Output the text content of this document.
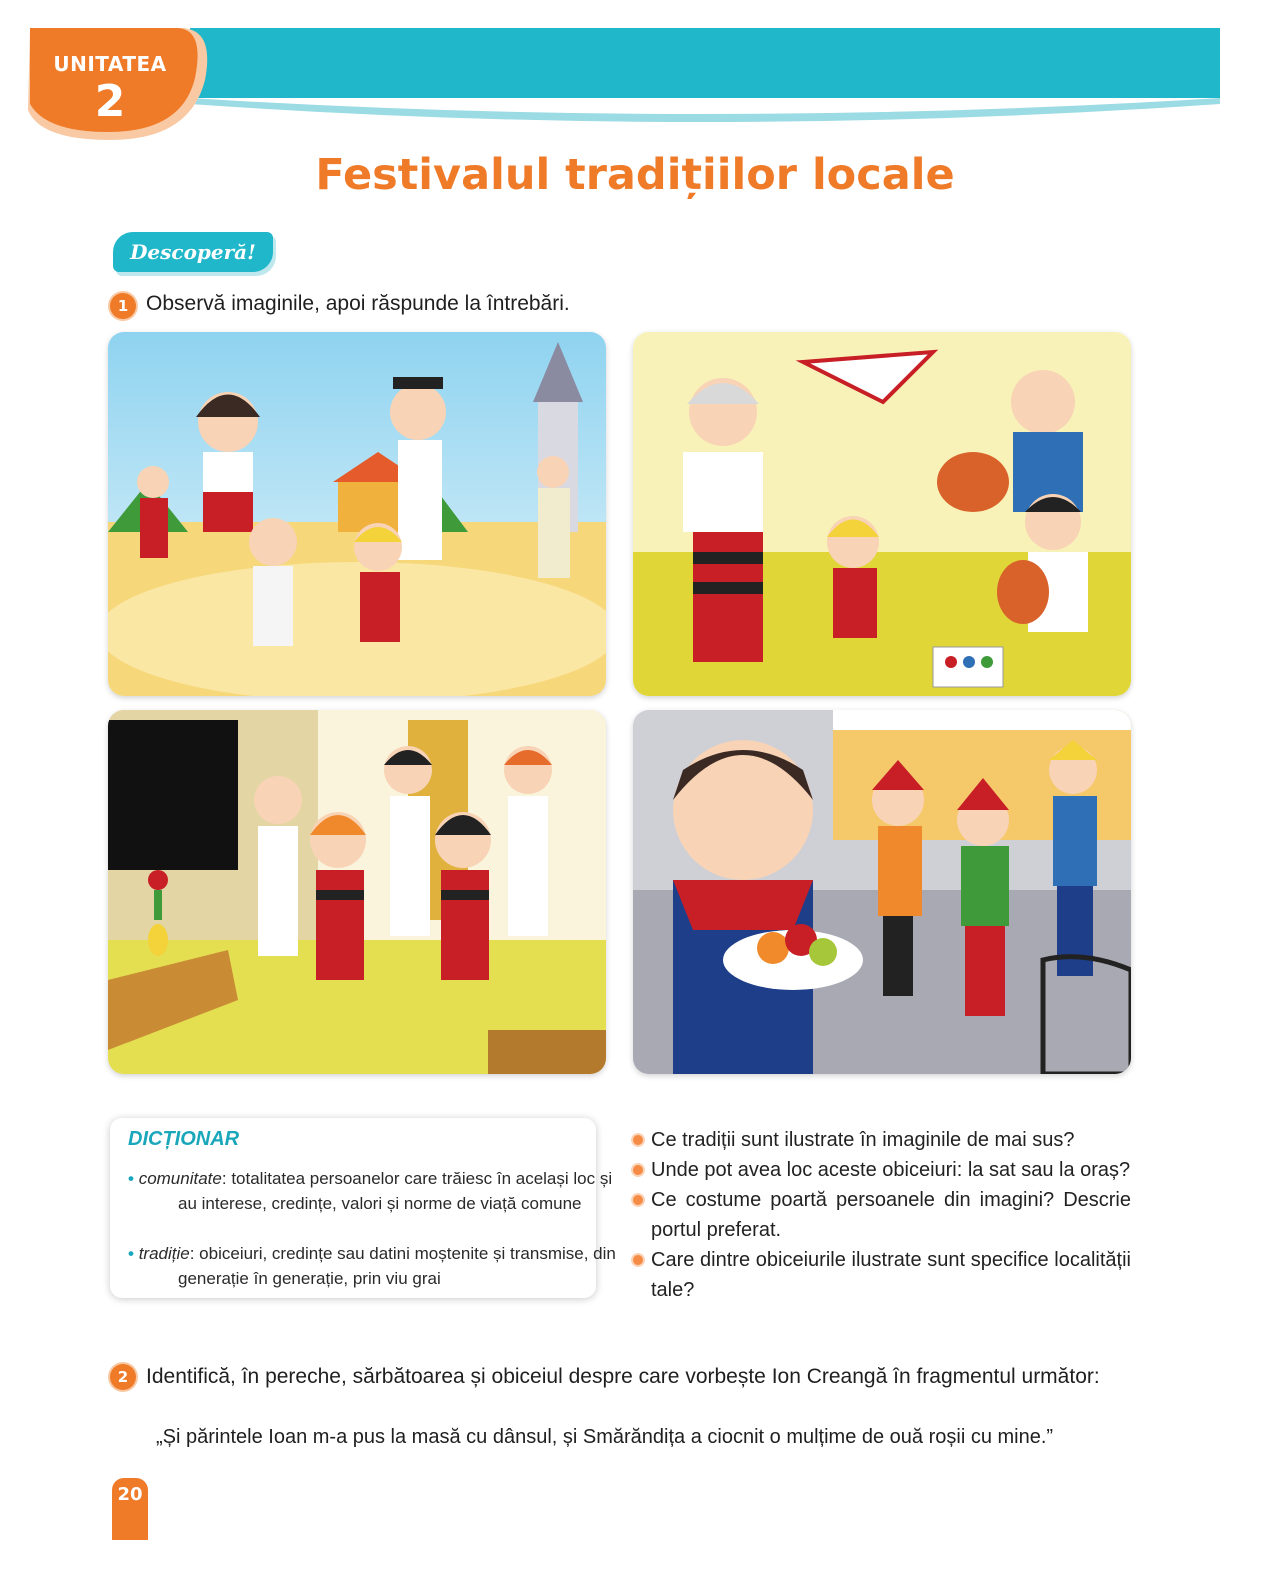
UNITATEA
2
Festivalul tradițiilor locale
Descoperă!
1 Observă imaginile, apoi răspunde la întrebări.
DICȚIONAR
• comunitate: totalitatea persoanelor care trăiesc în același loc și au interese, credințe, valori și norme de viață comune
• tradiție: obiceiuri, credințe sau datini moștenite și transmise, din generație în generație, prin viu grai
Ce tradiții sunt ilustrate în imaginile de mai sus?
Unde pot avea loc aceste obiceiuri: la sat sau la oraș?
Ce costume poartă persoanele din imagini? Descrie portul preferat.
Care dintre obiceiurile ilustrate sunt specifice localității tale?
2 Identifică, în pereche, sărbătoarea și obiceiul despre care vorbește Ion Creangă în fragmentul următor:
„Și părintele Ioan m-a pus la masă cu dânsul, și Smărăndița a ciocnit o mulțime de ouă roșii cu mine.”
20
